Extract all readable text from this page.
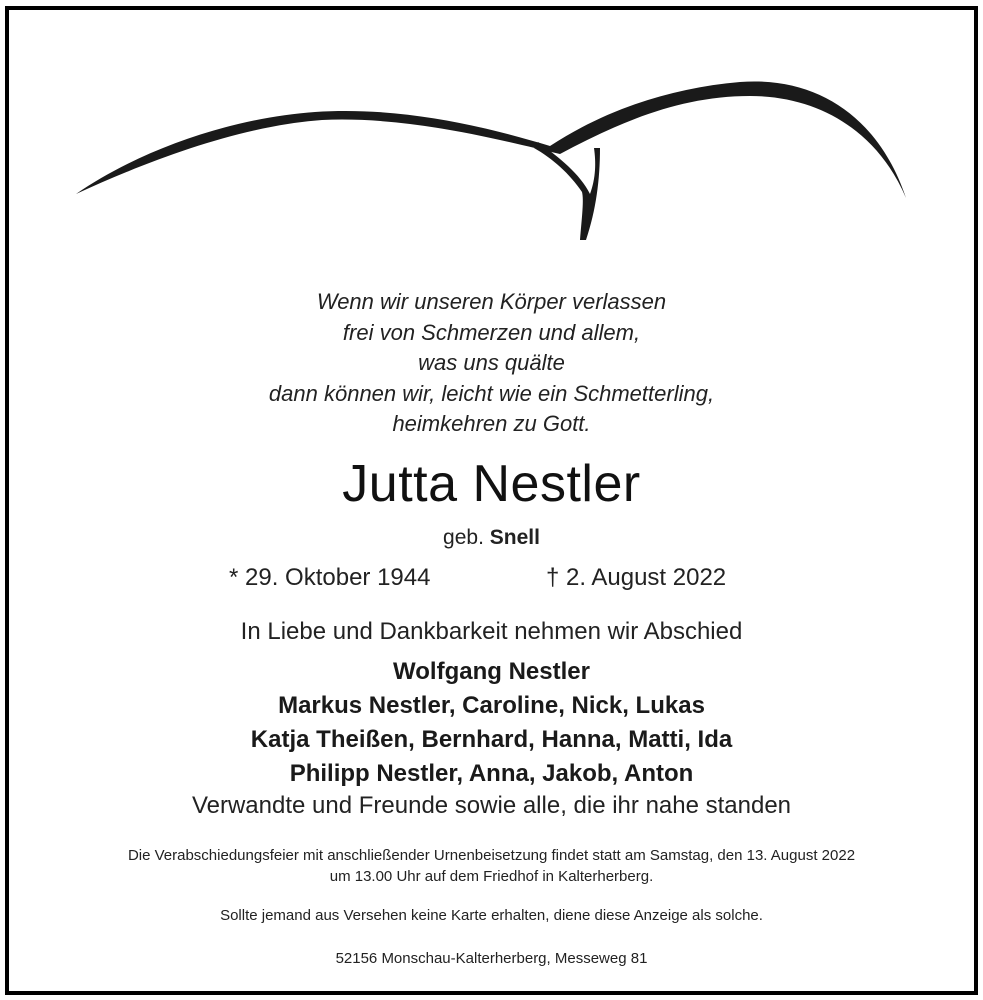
Wenn wir unseren Körper verlassen
frei von Schmerzen und allem,
was uns quälte
dann können wir, leicht wie ein Schmetterling,
heimkehren zu Gott.
Jutta Nestler
geb. Snell
* 29. Oktober 1944	† 2. August 2022
In Liebe und Dankbarkeit nehmen wir Abschied
Wolfgang Nestler
Markus Nestler, Caroline, Nick, Lukas
Katja Theißen, Bernhard, Hanna, Matti, Ida
Philipp Nestler, Anna, Jakob, Anton
Verwandte und Freunde sowie alle, die ihr nahe standen
Die Verabschiedungsfeier mit anschließender Urnenbeisetzung findet statt am Samstag, den 13. August 2022
um 13.00 Uhr auf dem Friedhof in Kalterherberg.
Sollte jemand aus Versehen keine Karte erhalten, diene diese Anzeige als solche.
52156 Monschau-Kalterherberg, Messeweg 81
